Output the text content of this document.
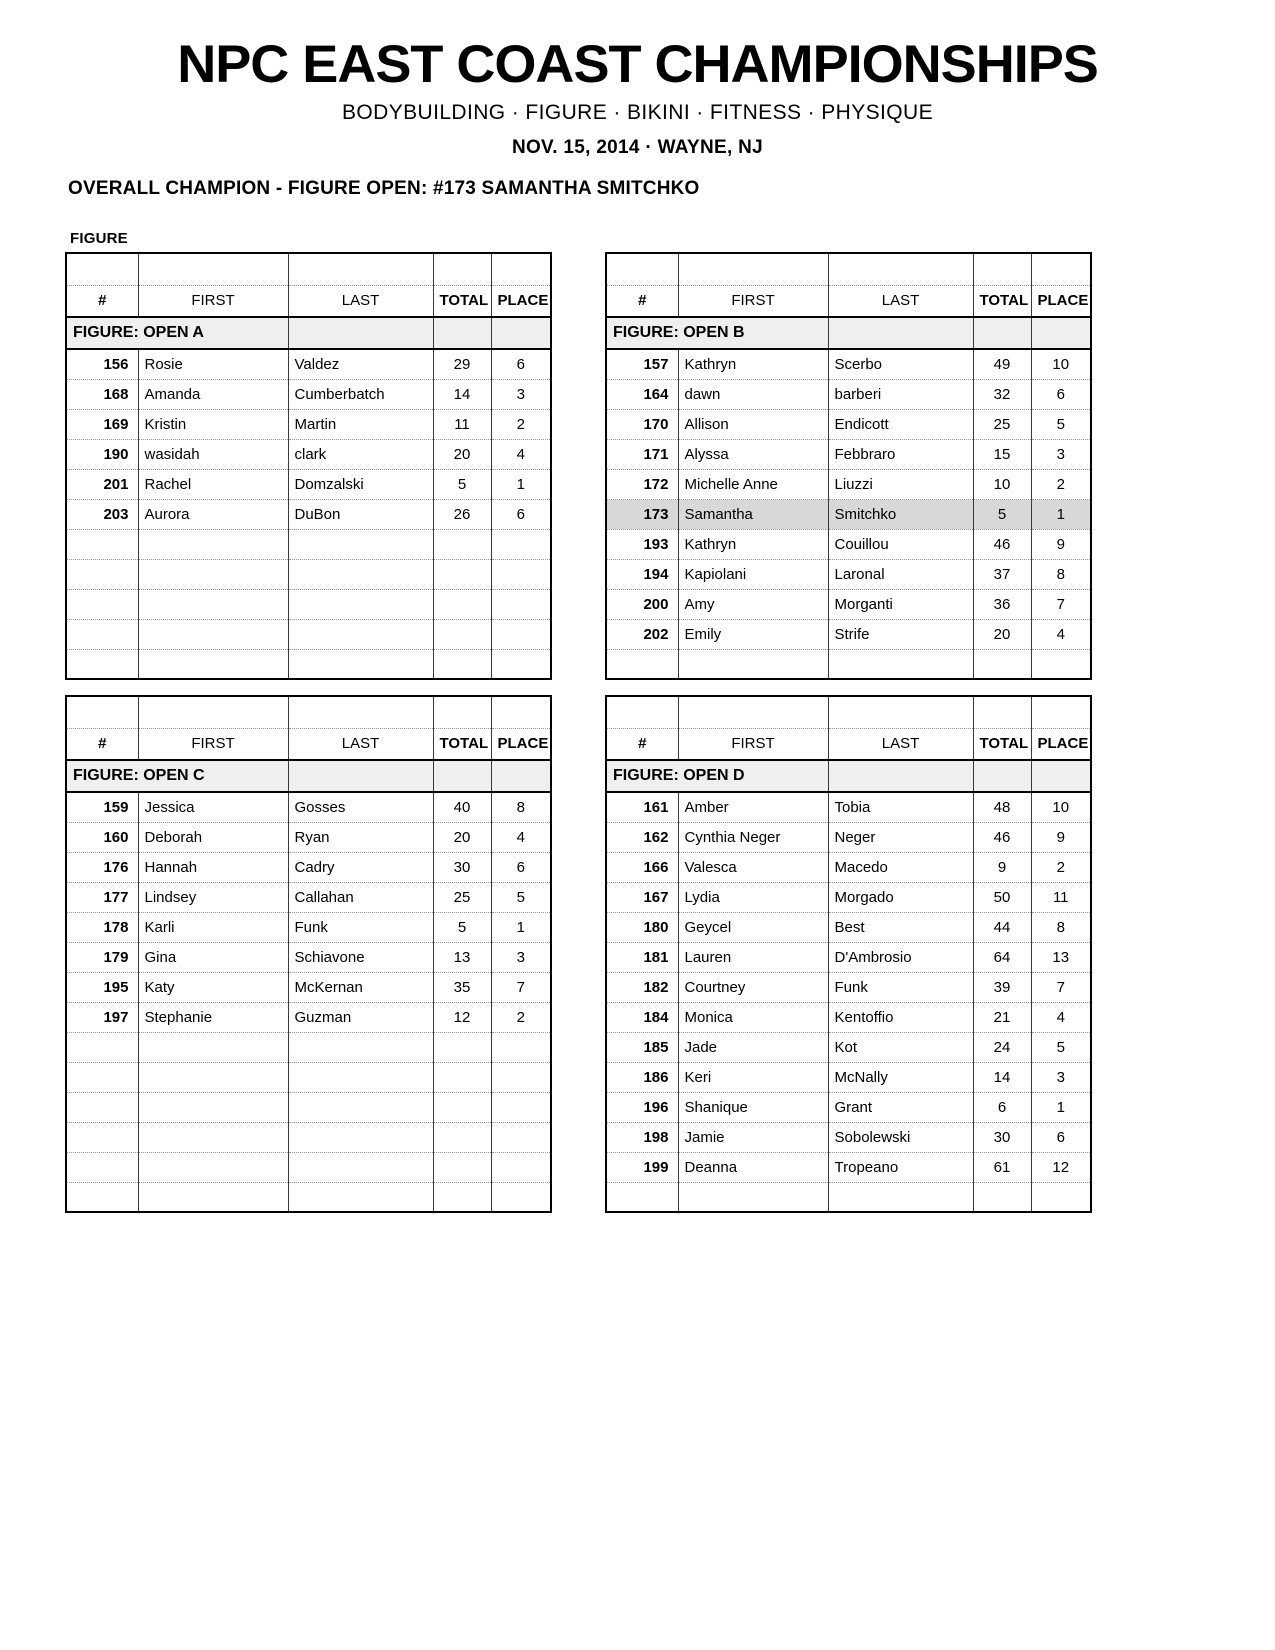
NPC EAST COAST CHAMPIONSHIPS
BODYBUILDING · FIGURE · BIKINI · FITNESS · PHYSIQUE
NOV. 15, 2014 · WAYNE, NJ
OVERALL CHAMPION - FIGURE OPEN: #173 SAMANTHA SMITCHKO
FIGURE

#	FIRST	LAST	TOTAL	PLACE
FIGURE: OPEN A				
156	Rosie	Valdez	29	6
168	Amanda	Cumberbatch	14	3
169	Kristin	Martin	11	2
190	wasidah	clark	20	4
201	Rachel	Domzalski	5	1
203	Aurora	DuBon	26	6

#	FIRST	LAST	TOTAL	PLACE
FIGURE: OPEN B				
157	Kathryn	Scerbo	49	10
164	dawn	barberi	32	6
170	Allison	Endicott	25	5
171	Alyssa	Febbraro	15	3
172	Michelle Anne	Liuzzi	10	2
173	Samantha	Smitchko	5	1
193	Kathryn	Couillou	46	9
194	Kapiolani	Laronal	37	8
200	Amy	Morganti	36	7
202	Emily	Strife	20	4

#	FIRST	LAST	TOTAL	PLACE
FIGURE: OPEN C				
159	Jessica	Gosses	40	8
160	Deborah	Ryan	20	4
176	Hannah	Cadry	30	6
177	Lindsey	Callahan	25	5
178	Karli	Funk	5	1
179	Gina	Schiavone	13	3
195	Katy	McKernan	35	7
197	Stephanie	Guzman	12	2

#	FIRST	LAST	TOTAL	PLACE
FIGURE: OPEN D				
161	Amber	Tobia	48	10
162	Cynthia Neger	Neger	46	9
166	Valesca	Macedo	9	2
167	Lydia	Morgado	50	11
180	Geycel	Best	44	8
181	Lauren	D'Ambrosio	64	13
182	Courtney	Funk	39	7
184	Monica	Kentoffio	21	4
185	Jade	Kot	24	5
186	Keri	McNally	14	3
196	Shanique	Grant	6	1
198	Jamie	Sobolewski	30	6
199	Deanna	Tropeano	61	12
